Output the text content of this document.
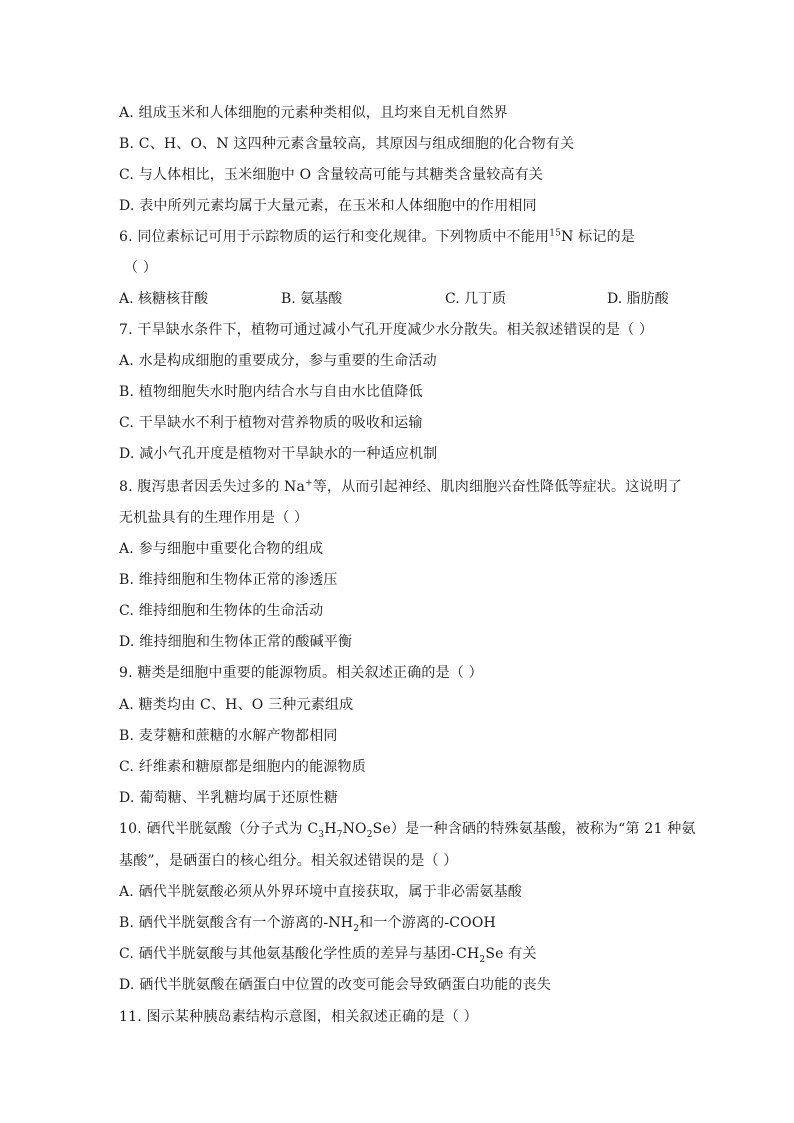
A. 组成玉米和人体细胞的元素种类相似，且均来自无机自然界
B. C、H、O、N 这四种元素含量较高，其原因与组成细胞的化合物有关
C. 与人体相比，玉米细胞中 O 含量较高可能与其糖类含量较高有关
D. 表中所列元素均属于大量元素，在玉米和人体细胞中的作用相同
6. 同位素标记可用于示踪物质的运行和变化规律。下列物质中不能用$^{15}$N 标记的是
（ ）
A. 核糖核苷酸	B. 氨基酸	C. 几丁质	D. 脂肪酸
7. 干旱缺水条件下，植物可通过减小气孔开度减少水分散失。相关叙述错误的是（ ）
A. 水是构成细胞的重要成分，参与重要的生命活动
B. 植物细胞失水时胞内结合水与自由水比值降低
C. 干旱缺水不利于植物对营养物质的吸收和运输
D. 减小气孔开度是植物对干旱缺水的一种适应机制
8. 腹泻患者因丢失过多的 Na+等，从而引起神经、肌肉细胞兴奋性降低等症状。这说明了
无机盐具有的生理作用是（ ）
A. 参与细胞中重要化合物的组成
B. 维持细胞和生物体正常的渗透压
C. 维持细胞和生物体的生命活动
D. 维持细胞和生物体正常的酸碱平衡
9. 糖类是细胞中重要的能源物质。相关叙述正确的是（ ）
A. 糖类均由 C、H、O 三种元素组成
B. 麦芽糖和蔗糖的水解产物都相同
C. 纤维素和糖原都是细胞内的能源物质
D. 葡萄糖、半乳糖均属于还原性糖
10. 硒代半胱氨酸（分子式为 $C_3H_7NO_2Se$）是一种含硒的特殊氨基酸，被称为“第 21 种氨
基酸”，是硒蛋白的核心组分。相关叙述错误的是（ ）
A. 硒代半胱氨酸必须从外界环境中直接获取，属于非必需氨基酸
B. 硒代半胱氨酸含有一个游离的$-NH_2$和一个游离的-COOH
C. 硒代半胱氨酸与其他氨基酸化学性质的差异与基团$-CH_2Se$ 有关
D. 硒代半胱氨酸在硒蛋白中位置的改变可能会导致硒蛋白功能的丧失
11. 图示某种胰岛素结构示意图，相关叙述正确的是（ ）
